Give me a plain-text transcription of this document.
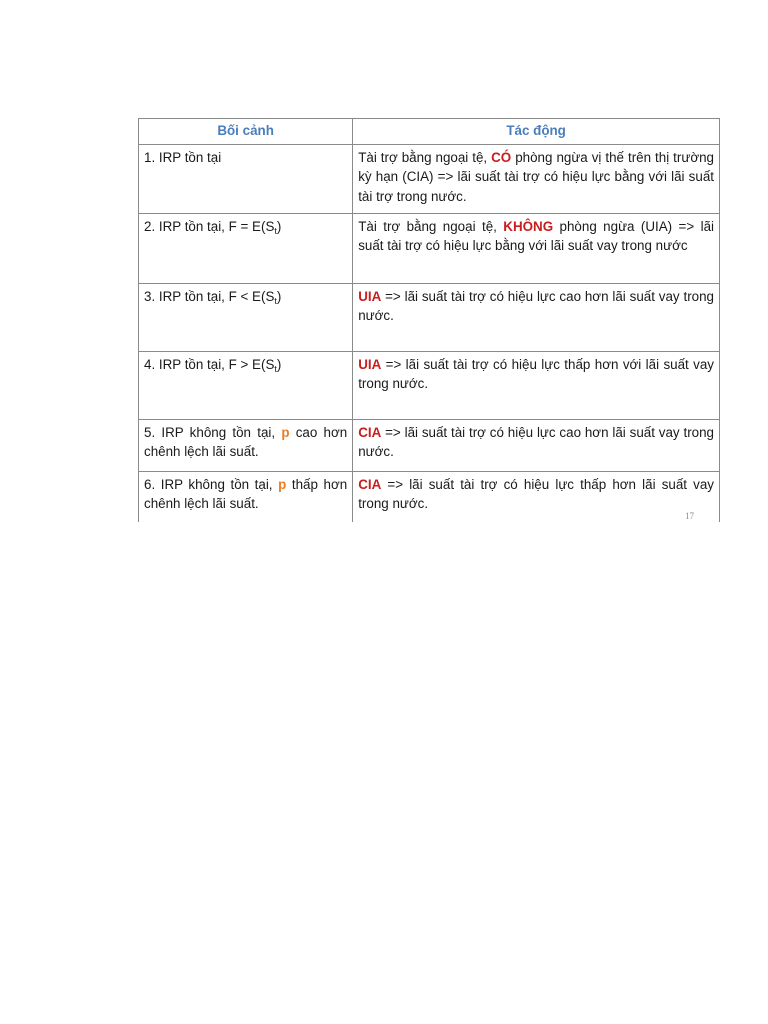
Bối cảnh	Tác động
1. IRP tồn tại	Tài trợ bằng ngoại tệ, CÓ phòng ngừa vị thế trên thị trường kỳ hạn (CIA) => lãi suất tài trợ có hiệu lực bằng với lãi suất tài trợ trong nước.
2. IRP tồn tại, $F = E(S_t)$	Tài trợ bằng ngoại tệ, KHÔNG phòng ngừa (UIA) => lãi suất tài trợ có hiệu lực bằng với lãi suất vay trong nước
3. IRP tồn tại, $F < E(S_t)$	UIA => lãi suất tài trợ có hiệu lực cao hơn lãi suất vay trong nước.
4. IRP tồn tại, $F > E(S_t)$	UIA => lãi suất tài trợ có hiệu lực thấp hơn với lãi suất vay trong nước.
5. IRP không tồn tại, p cao hơn chênh lệch lãi suất.	CIA => lãi suất tài trợ có hiệu lực cao hơn lãi suất vay trong nước.
6. IRP không tồn tại, p thấp hơn chênh lệch lãi suất.	CIA => lãi suất tài trợ có hiệu lực thấp hơn lãi suất vay trong nước.
17
